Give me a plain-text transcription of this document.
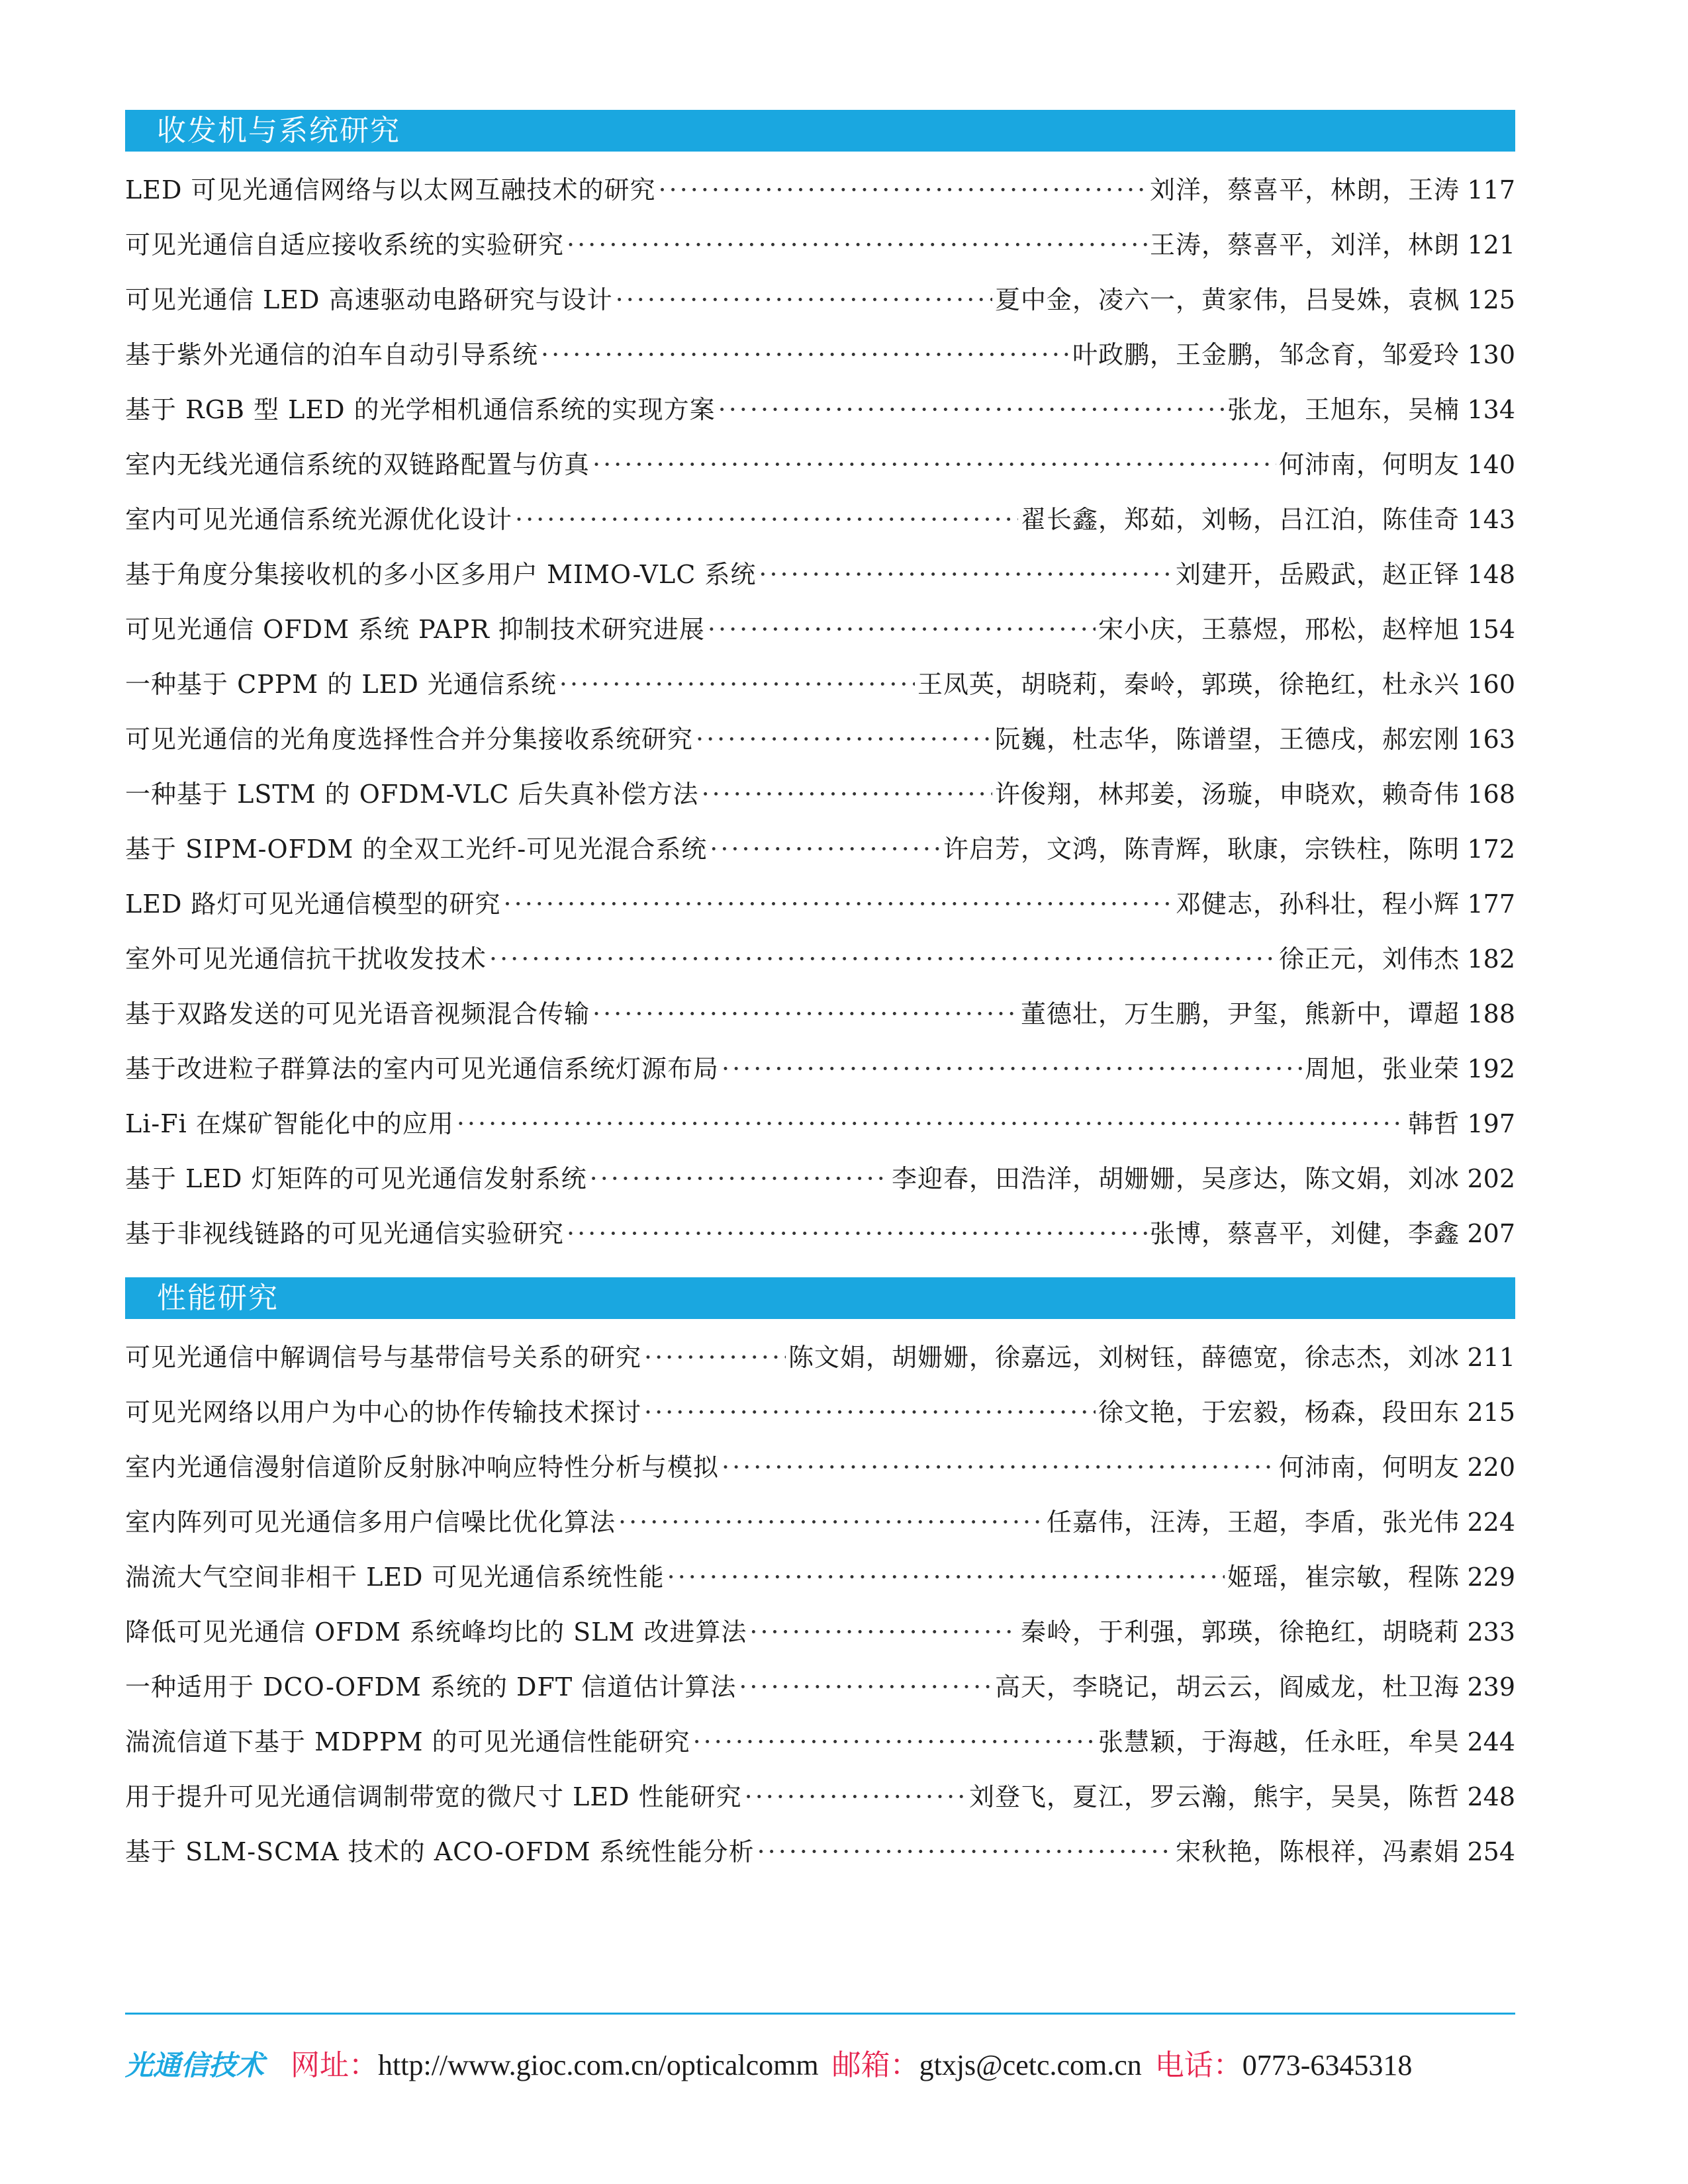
收发机与系统研究
LED 可见光通信网络与以太网互融技术的研究 ·····	刘洋，蔡喜平，林朗，王涛 117
可见光通信自适应接收系统的实验研究 ·····	王涛，蔡喜平，刘洋，林朗 121
可见光通信 LED 高速驱动电路研究与设计 ·····	夏中金，凌六一，黄家伟，吕旻姝，袁枫 125
基于紫外光通信的泊车自动引导系统 ·····	叶政鹏，王金鹏，邹念育，邹爱玲 130
基于 RGB 型 LED 的光学相机通信系统的实现方案 ·····	张龙，王旭东，吴楠 134
室内无线光通信系统的双链路配置与仿真 ·····	何沛南，何明友 140
室内可见光通信系统光源优化设计 ·····	翟长鑫，郑茹，刘畅，吕江泊，陈佳奇 143
基于角度分集接收机的多小区多用户 MIMO-VLC 系统 ·····	刘建开，岳殿武，赵正铎 148
可见光通信 OFDM 系统 PAPR 抑制技术研究进展 ·····	宋小庆，王慕煜，邢松，赵梓旭 154
一种基于 CPPM 的 LED 光通信系统 ·····	王凤英，胡晓莉，秦岭，郭瑛，徐艳红，杜永兴 160
可见光通信的光角度选择性合并分集接收系统研究 ·····	阮巍，杜志华，陈谱望，王德戌，郝宏刚 163
一种基于 LSTM 的 OFDM-VLC 后失真补偿方法 ·····	许俊翔，林邦姜，汤璇，申晓欢，赖奇伟 168
基于 SIPM-OFDM 的全双工光纤-可见光混合系统 ·····	许启芳，文鸿，陈青辉，耿康，宗铁柱，陈明 172
LED 路灯可见光通信模型的研究 ·····	邓健志，孙科壮，程小辉 177
室外可见光通信抗干扰收发技术 ·····	徐正元，刘伟杰 182
基于双路发送的可见光语音视频混合传输 ·····	董德壮，万生鹏，尹玺，熊新中，谭超 188
基于改进粒子群算法的室内可见光通信系统灯源布局 ·····	周旭，张业荣 192
Li-Fi 在煤矿智能化中的应用 ·····	韩哲 197
基于 LED 灯矩阵的可见光通信发射系统 ·····	李迎春，田浩洋，胡姗姗，吴彦达，陈文娟，刘冰 202
基于非视线链路的可见光通信实验研究 ·····	张博，蔡喜平，刘健，李鑫 207
性能研究
可见光通信中解调信号与基带信号关系的研究 ·····	陈文娟，胡姗姗，徐嘉远，刘树钰，薛德宽，徐志杰，刘冰 211
可见光网络以用户为中心的协作传输技术探讨 ·····	徐文艳，于宏毅，杨森，段田东 215
室内光通信漫射信道阶反射脉冲响应特性分析与模拟 ·····	何沛南，何明友 220
室内阵列可见光通信多用户信噪比优化算法 ·····	任嘉伟，汪涛，王超，李盾，张光伟 224
湍流大气空间非相干 LED 可见光通信系统性能 ·····	姬瑶，崔宗敏，程陈 229
降低可见光通信 OFDM 系统峰均比的 SLM 改进算法 ·····	秦岭，于利强，郭瑛，徐艳红，胡晓莉 233
一种适用于 DCO-OFDM 系统的 DFT 信道估计算法 ·····	高天，李晓记，胡云云，阎威龙，杜卫海 239
湍流信道下基于 MDPPM 的可见光通信性能研究 ·····	张慧颖，于海越，任永旺，牟昊 244
用于提升可见光通信调制带宽的微尺寸 LED 性能研究 ·····	刘登飞，夏江，罗云瀚，熊宇，吴昊，陈哲 248
基于 SLM-SCMA 技术的 ACO-OFDM 系统性能分析 ·····	宋秋艳，陈根祥，冯素娟 254
光通信技术 网址： http://www.gioc.com.cn/opticalcomm 邮箱： gtxjs@cetc.com.cn 电话： 0773-6345318
